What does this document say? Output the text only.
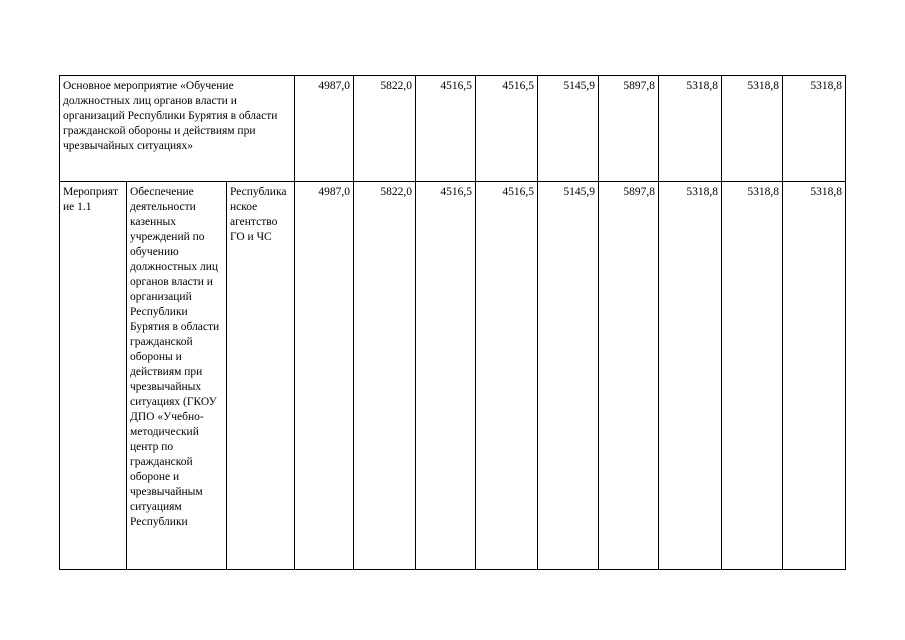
Основное мероприятие «Обучение должностных лиц органов власти и организаций Республики Бурятия в области гражданской обороны и действиям при чрезвычайных ситуациях»			4987,0	5822,0	4516,5	4516,5	5145,9	5897,8	5318,8	5318,8	5318,8
Мероприятие 1.1	Обеспечение деятельности казенных учреждений по обучению должностных лиц органов власти и организаций Республики Бурятия в области гражданской обороны и действиям при чрезвычайных ситуациях (ГКОУ ДПО «Учебно-методический центр по гражданской обороне и чрезвычайным ситуациям Республики	Республиканское агентство ГО и ЧС	4987,0	5822,0	4516,5	4516,5	5145,9	5897,8	5318,8	5318,8	5318,8
